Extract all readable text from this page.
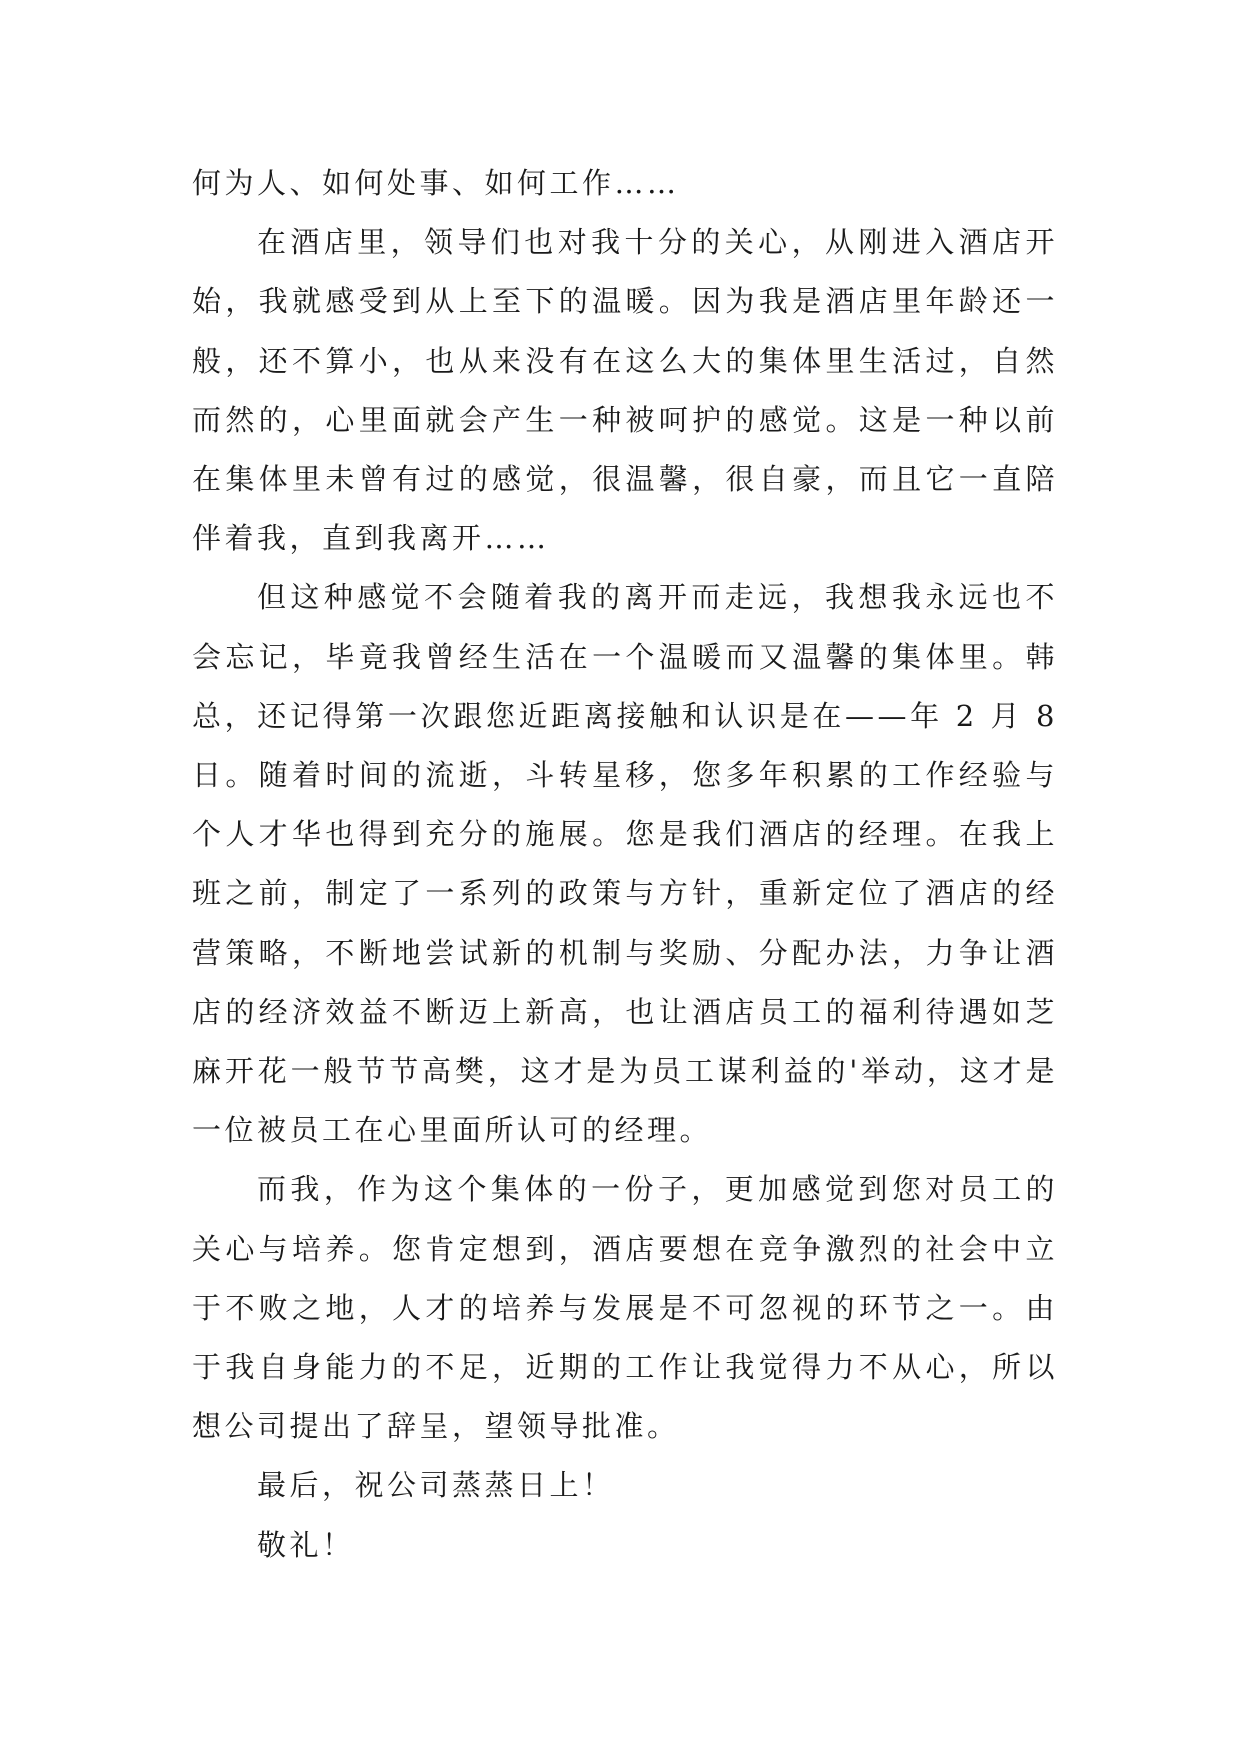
何为人、如何处事、如何工作……

在酒店里，领导们也对我十分的关心，从刚进入酒店开始，我就感受到从上至下的温暖。因为我是酒店里年龄还一般，还不算小，也从来没有在这么大的集体里生活过，自然而然的，心里面就会产生一种被呵护的感觉。这是一种以前在集体里未曾有过的感觉，很温馨，很自豪，而且它一直陪伴着我，直到我离开……

但这种感觉不会随着我的离开而走远，我想我永远也不会忘记，毕竟我曾经生活在一个温暖而又温馨的集体里。韩总，还记得第一次跟您近距离接触和认识是在——年 2 月 8 日。随着时间的流逝，斗转星移，您多年积累的工作经验与个人才华也得到充分的施展。您是我们酒店的经理。在我上班之前，制定了一系列的政策与方针，重新定位了酒店的经营策略，不断地尝试新的机制与奖励、分配办法，力争让酒店的经济效益不断迈上新高，也让酒店员工的福利待遇如芝麻开花一般节节高樊，这才是为员工谋利益的'举动，这才是一位被员工在心里面所认可的经理。

而我，作为这个集体的一份子，更加感觉到您对员工的关心与培养。您肯定想到，酒店要想在竞争激烈的社会中立于不败之地，人才的培养与发展是不可忽视的环节之一。由于我自身能力的不足，近期的工作让我觉得力不从心，所以想公司提出了辞呈，望领导批准。

最后，祝公司蒸蒸日上！

敬礼！
